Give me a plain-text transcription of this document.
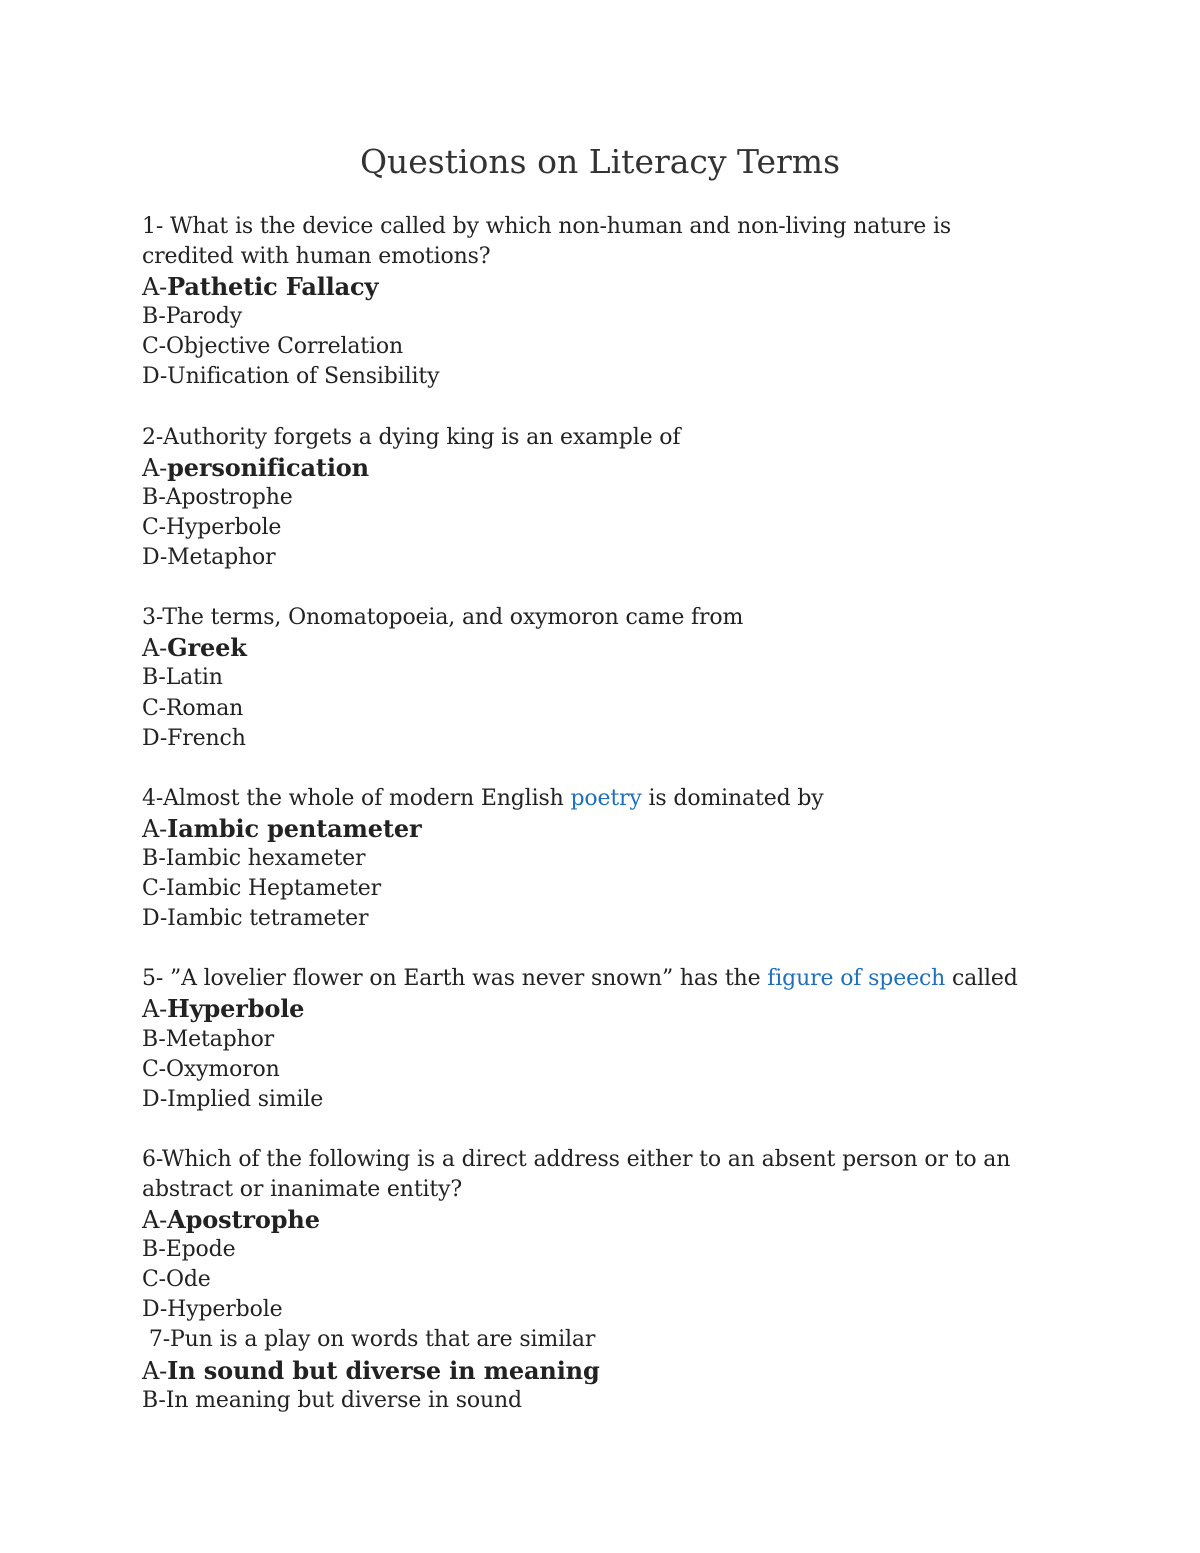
Questions on Literacy Terms

1- What is the device called by which non-human and non-living nature is

credited with human emotions?

A-Pathetic Fallacy

B-Parody

C-Objective Correlation

D-Unification of Sensibility

2-Authority forgets a dying king is an example of

A-personification

B-Apostrophe

C-Hyperbole

D-Metaphor

3-The terms, Onomatopoeia, and oxymoron came from

A-Greek

B-Latin

C-Roman

D-French

4-Almost the whole of modern English poetry is dominated by

A-Iambic pentameter

B-Iambic hexameter

C-Iambic Heptameter

D-Iambic tetrameter

5- ”A lovelier flower on Earth was never snown” has the figure of speech called

A-Hyperbole

B-Metaphor

C-Oxymoron

D-Implied simile

6-Which of the following is a direct address either to an absent person or to an

abstract or inanimate entity?

A-Apostrophe

B-Epode

C-Ode

D-Hyperbole

7-Pun is a play on words that are similar

A-In sound but diverse in meaning

B-In meaning but diverse in sound
